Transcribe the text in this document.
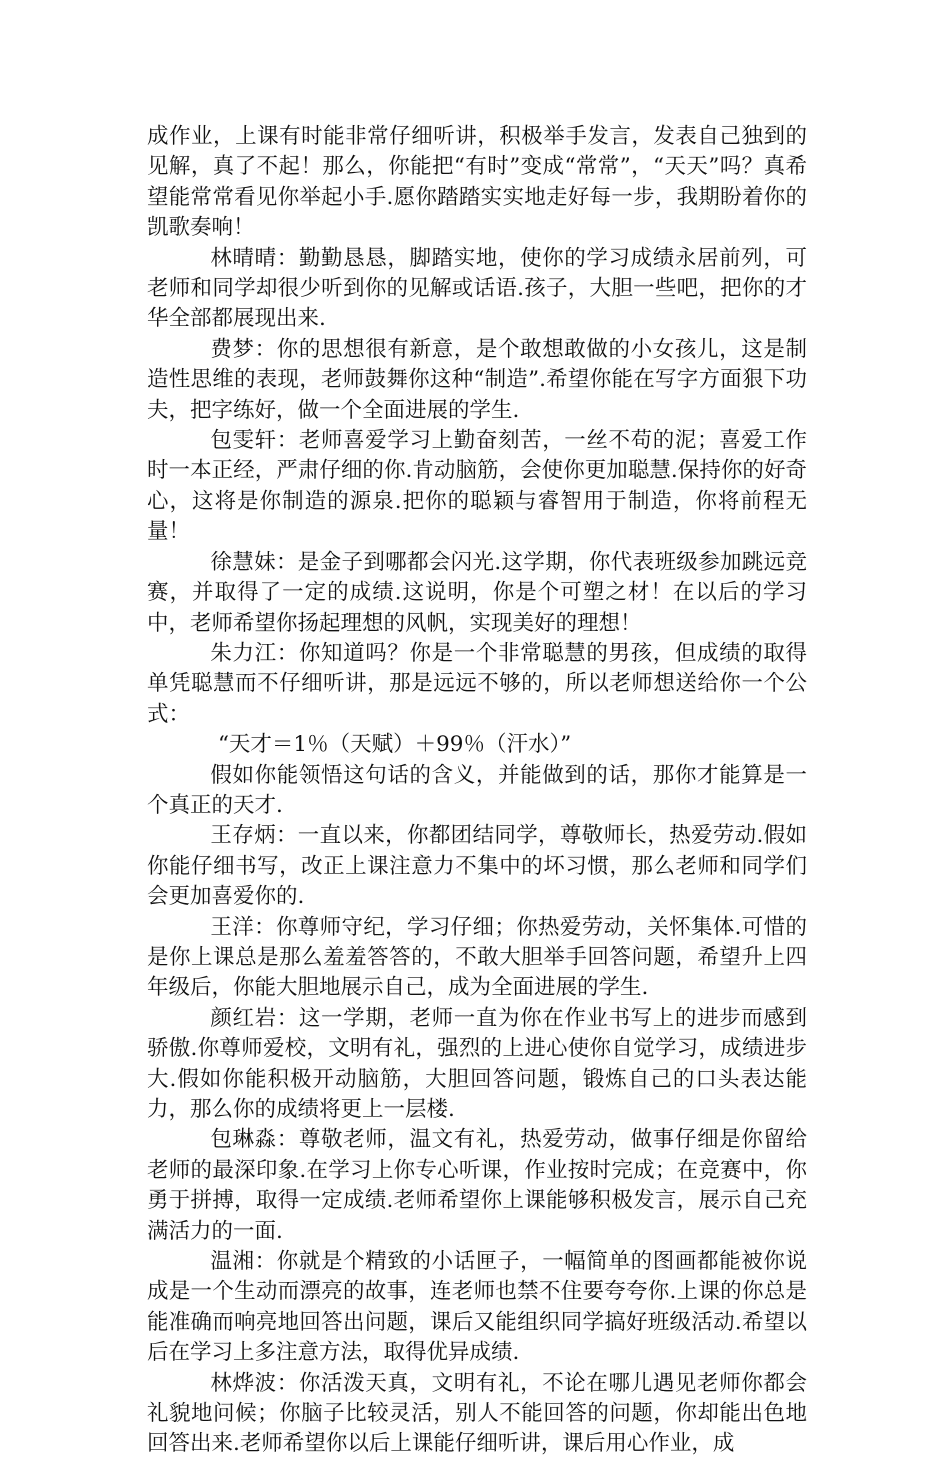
成作业，上课有时能非常仔细听讲，积极举手发言，发表自己独到的见解，真了不起！那么，你能把“有时”变成“常常”，“天天”吗？真希望能常常看见你举起小手.愿你踏踏实实地走好每一步，我期盼着你的凯歌奏响！

林晴晴：勤勤恳恳，脚踏实地，使你的学习成绩永居前列，可老师和同学却很少听到你的见解或话语.孩子，大胆一些吧，把你的才华全部都展现出来.

费梦：你的思想很有新意，是个敢想敢做的小女孩儿，这是制造性思维的表现，老师鼓舞你这种“制造”.希望你能在写字方面狠下功夫，把字练好，做一个全面进展的学生.

包雯轩：老师喜爱学习上勤奋刻苦，一丝不苟的泥；喜爱工作时一本正经，严肃仔细的你.肯动脑筋，会使你更加聪慧.保持你的好奇心，这将是你制造的源泉.把你的聪颖与睿智用于制造，你将前程无量！

徐慧妹：是金子到哪都会闪光.这学期，你代表班级参加跳远竞赛，并取得了一定的成绩.这说明，你是个可塑之材！在以后的学习中，老师希望你扬起理想的风帆，实现美好的理想！

朱力江：你知道吗？你是一个非常聪慧的男孩，但成绩的取得单凭聪慧而不仔细听讲，那是远远不够的，所以老师想送给你一个公式：

“天才＝1％（天赋）＋99％（汗水）”

假如你能领悟这句话的含义，并能做到的话，那你才能算是一个真正的天才.

王存炳：一直以来，你都团结同学，尊敬师长，热爱劳动.假如你能仔细书写，改正上课注意力不集中的坏习惯，那么老师和同学们会更加喜爱你的.

王洋：你尊师守纪，学习仔细；你热爱劳动，关怀集体.可惜的是你上课总是那么羞羞答答的，不敢大胆举手回答问题，希望升上四年级后，你能大胆地展示自己，成为全面进展的学生.

颜红岩：这一学期，老师一直为你在作业书写上的进步而感到骄傲.你尊师爱校，文明有礼，强烈的上进心使你自觉学习，成绩进步大.假如你能积极开动脑筋，大胆回答问题，锻炼自己的口头表达能力，那么你的成绩将更上一层楼.

包琳淼：尊敬老师，温文有礼，热爱劳动，做事仔细是你留给老师的最深印象.在学习上你专心听课，作业按时完成；在竞赛中，你勇于拼搏，取得一定成绩.老师希望你上课能够积极发言，展示自己充满活力的一面.

温湘：你就是个精致的小话匣子，一幅简单的图画都能被你说成是一个生动而漂亮的故事，连老师也禁不住要夸夸你.上课的你总是能准确而响亮地回答出问题，课后又能组织同学搞好班级活动.希望以后在学习上多注意方法，取得优异成绩.

林烨波：你活泼天真，文明有礼，不论在哪儿遇见老师你都会礼貌地问候；你脑子比较灵活，别人不能回答的问题，你却能出色地回答出来.老师希望你以后上课能仔细听讲，课后用心作业，成
